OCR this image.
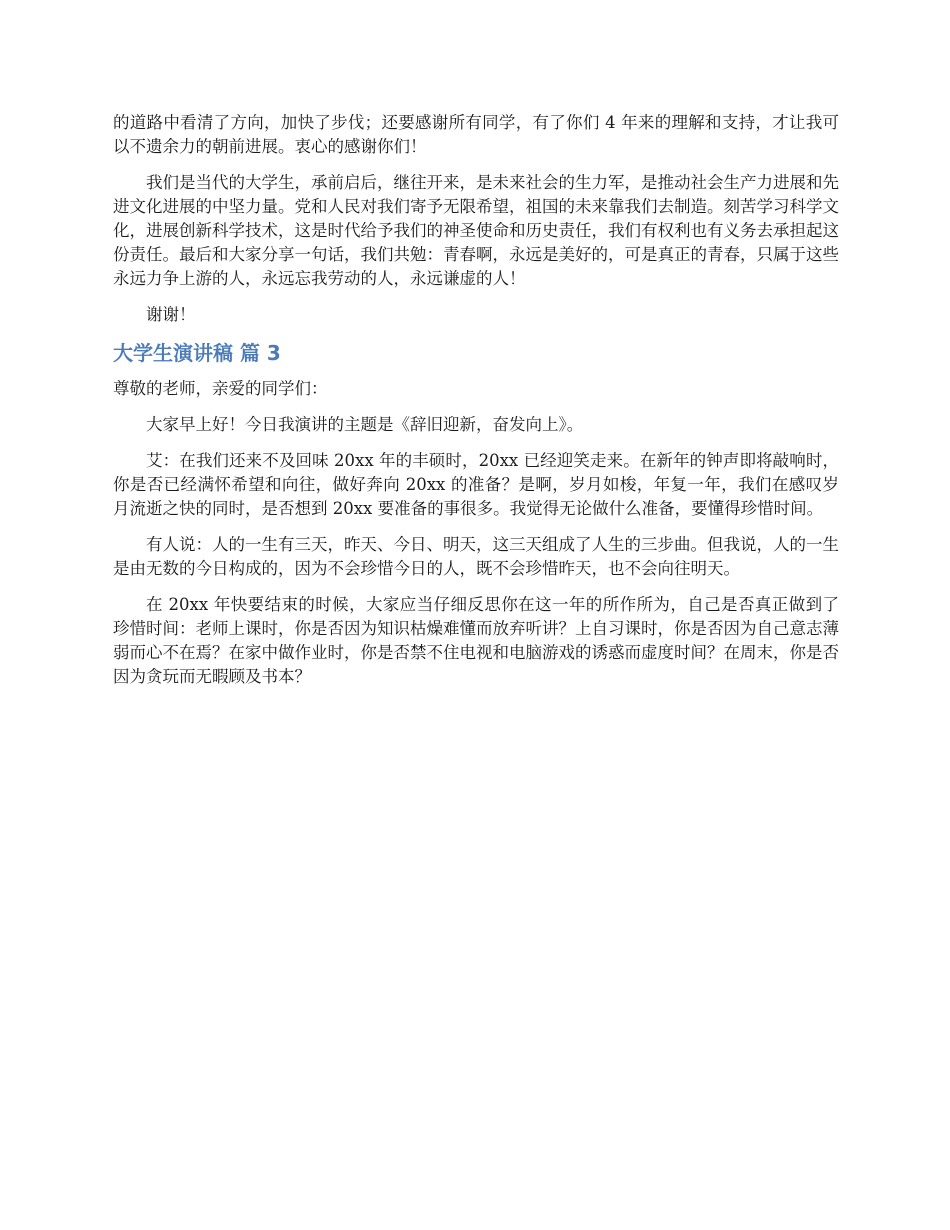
的道路中看清了方向，加快了步伐；还要感谢所有同学，有了你们 4 年来的理解和支持，才让我可以不遗余力的朝前进展。衷心的感谢你们！

我们是当代的大学生，承前启后，继往开来，是未来社会的生力军，是推动社会生产力进展和先进文化进展的中坚力量。党和人民对我们寄予无限希望，祖国的未来靠我们去制造。刻苦学习科学文化，进展创新科学技术，这是时代给予我们的神圣使命和历史责任，我们有权利也有义务去承担起这份责任。最后和大家分享一句话，我们共勉：青春啊，永远是美好的，可是真正的青春，只属于这些永远力争上游的人，永远忘我劳动的人，永远谦虚的人！

谢谢！

大学生演讲稿 篇 3

尊敬的老师，亲爱的同学们：

大家早上好！今日我演讲的主题是《辞旧迎新，奋发向上》。

艾：在我们还来不及回味 20xx 年的丰硕时，20xx 已经迎笑走来。在新年的钟声即将敲响时，你是否已经满怀希望和向往，做好奔向 20xx 的准备？是啊，岁月如梭，年复一年，我们在感叹岁月流逝之快的同时，是否想到 20xx 要准备的事很多。我觉得无论做什么准备，要懂得珍惜时间。

有人说：人的一生有三天，昨天、今日、明天，这三天组成了人生的三步曲。但我说，人的一生是由无数的今日构成的，因为不会珍惜今日的人，既不会珍惜昨天，也不会向往明天。

在 20xx 年快要结束的时候，大家应当仔细反思你在这一年的所作所为，自己是否真正做到了珍惜时间：老师上课时，你是否因为知识枯燥难懂而放弃听讲？上自习课时，你是否因为自己意志薄弱而心不在焉？在家中做作业时，你是否禁不住电视和电脑游戏的诱惑而虚度时间？在周末，你是否因为贪玩而无暇顾及书本？
